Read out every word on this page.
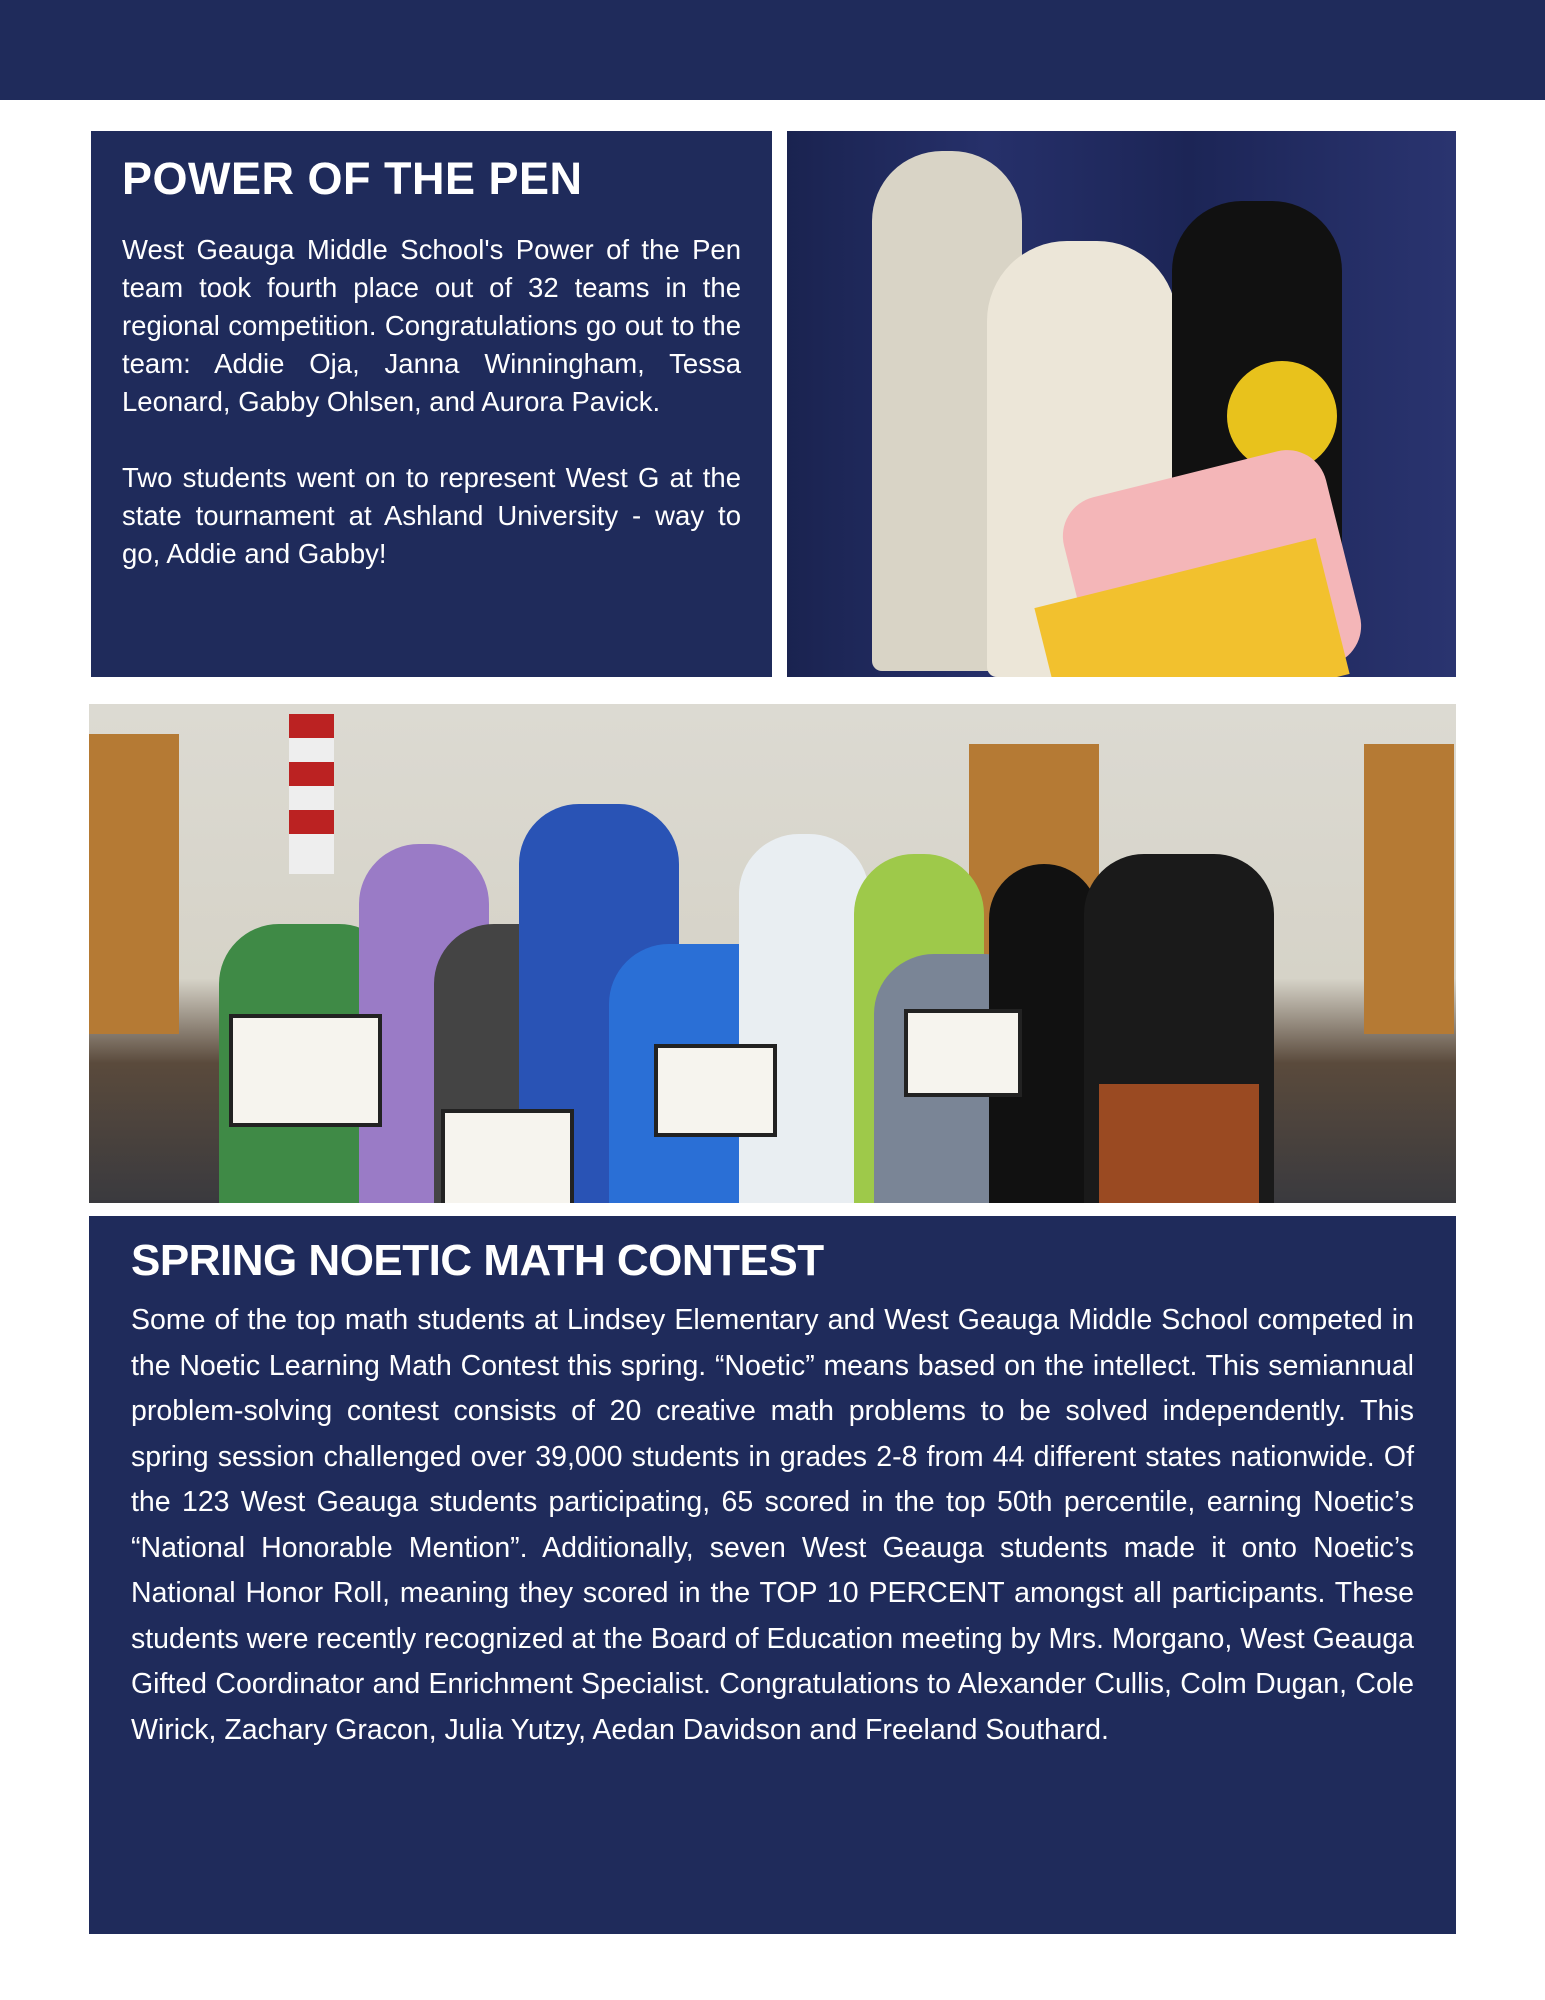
POWER OF THE PEN

West Geauga Middle School's Power of the Pen team took fourth place out of 32 teams in the regional competition. Congratulations go out to the team: Addie Oja, Janna Winningham, Tessa Leonard, Gabby Ohlsen, and Aurora Pavick.

Two students went on to represent West G at the state tournament at Ashland University - way to go, Addie and Gabby!

SPRING NOETIC MATH CONTEST

Some of the top math students at Lindsey Elementary and West Geauga Middle School competed in the Noetic Learning Math Contest this spring. “Noetic” means based on the intellect. This semiannual problem-solving contest consists of 20 creative math problems to be solved independently. This spring session challenged over 39,000 students in grades 2-8 from 44 different states nationwide. Of the 123 West Geauga students participating, 65 scored in the top 50th percentile, earning Noetic’s “National Honorable Mention”. Additionally, seven West Geauga students made it onto Noetic’s National Honor Roll, meaning they scored in the TOP 10 PERCENT amongst all participants. These students were recently recognized at the Board of Education meeting by Mrs. Morgano, West Geauga Gifted Coordinator and Enrichment Specialist. Congratulations to Alexander Cullis, Colm Dugan, Cole Wirick, Zachary Gracon, Julia Yutzy, Aedan Davidson and Freeland Southard.
